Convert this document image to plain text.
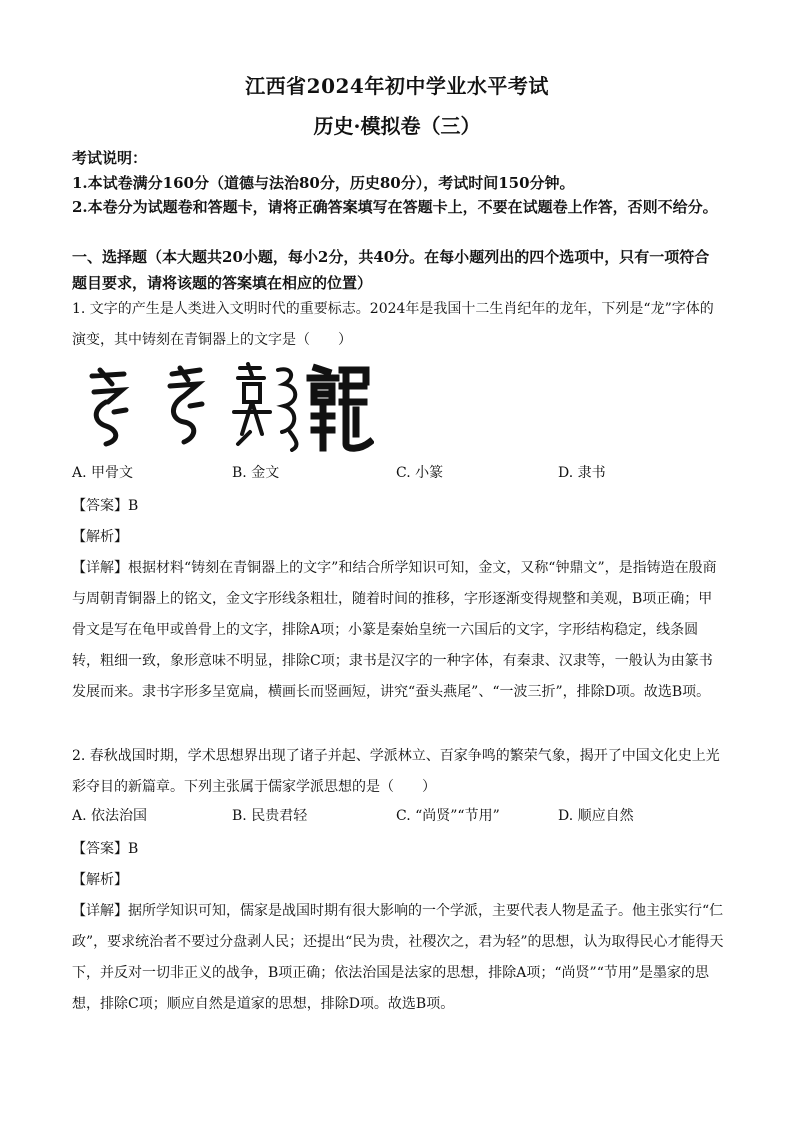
江西省2024年初中学业水平考试
历史·模拟卷（三）
考试说明：
1.本试卷满分160分（道德与法治80分，历史80分），考试时间150分钟。
2.本卷分为试题卷和答题卡，请将正确答案填写在答题卡上，不要在试题卷上作答，否则不给分。
一、选择题（本大题共20小题，每小2分，共40分。在每小题列出的四个选项中，只有一项符合题目要求，请将该题的答案填在相应的位置）
1. 文字的产生是人类进入文明时代的重要标志。2024年是我国十二生肖纪年的龙年，下列是“龙”字体的演变，其中铸刻在青铜器上的文字是（　　）
A. 甲骨文	B. 金文	C. 小篆	D. 隶书
【答案】B
【解析】
【详解】根据材料“铸刻在青铜器上的文字”和结合所学知识可知，金文，又称“钟鼎文”，是指铸造在殷商与周朝青铜器上的铭文，金文字形线条粗壮，随着时间的推移，字形逐渐变得规整和美观，B项正确；甲骨文是写在龟甲或兽骨上的文字，排除A项；小篆是秦始皇统一六国后的文字，字形结构稳定，线条圆转，粗细一致，象形意味不明显，排除C项；隶书是汉字的一种字体，有秦隶、汉隶等，一般认为由篆书发展而来。隶书字形多呈宽扁，横画长而竖画短，讲究“蚕头燕尾”、“一波三折”，排除D项。故选B项。
2. 春秋战国时期，学术思想界出现了诸子并起、学派林立、百家争鸣的繁荣气象，揭开了中国文化史上光彩夺目的新篇章。下列主张属于儒家学派思想的是（　　）
A. 依法治国	B. 民贵君轻	C. “尚贤”“节用”	D. 顺应自然
【答案】B
【解析】
【详解】据所学知识可知，儒家是战国时期有很大影响的一个学派，主要代表人物是孟子。他主张实行“仁政”，要求统治者不要过分盘剥人民；还提出“民为贵，社稷次之，君为轻”的思想，认为取得民心才能得天下，并反对一切非正义的战争，B项正确；依法治国是法家的思想，排除A项；“尚贤”“节用”是墨家的思想，排除C项；顺应自然是道家的思想，排除D项。故选B项。
